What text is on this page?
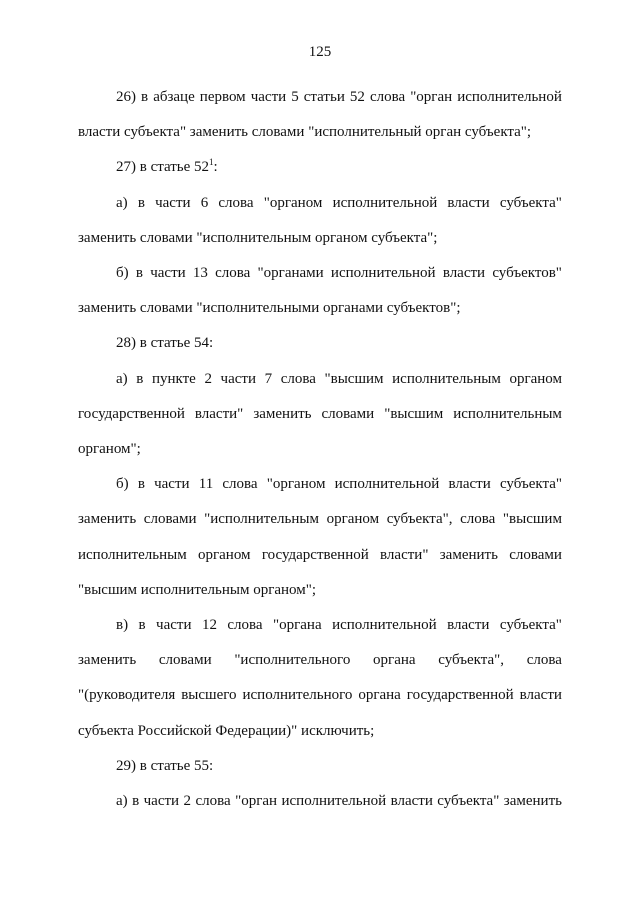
125
26) в абзаце первом части 5 статьи 52 слова "орган исполнительной
власти субъекта" заменить словами "исполнительный орган субъекта";
27) в статье $52^1$:
а) в части 6 слова "органом исполнительной власти субъекта"
заменить словами "исполнительным органом субъекта";
б) в части 13 слова "органами исполнительной власти субъектов"
заменить словами "исполнительными органами субъектов";
28) в статье 54:
а) в пункте 2 части 7 слова "высшим исполнительным органом
государственной власти" заменить словами "высшим исполнительным
органом";
б) в части 11 слова "органом исполнительной власти субъекта"
заменить словами "исполнительным органом субъекта", слова "высшим
исполнительным органом государственной власти" заменить словами
"высшим исполнительным органом";
в) в части 12 слова "органа исполнительной власти субъекта"
заменить словами "исполнительного органа субъекта", слова
"(руководителя высшего исполнительного органа государственной власти
субъекта Российской Федерации)" исключить;
29) в статье 55:
а) в части 2 слова "орган исполнительной власти субъекта" заменить
